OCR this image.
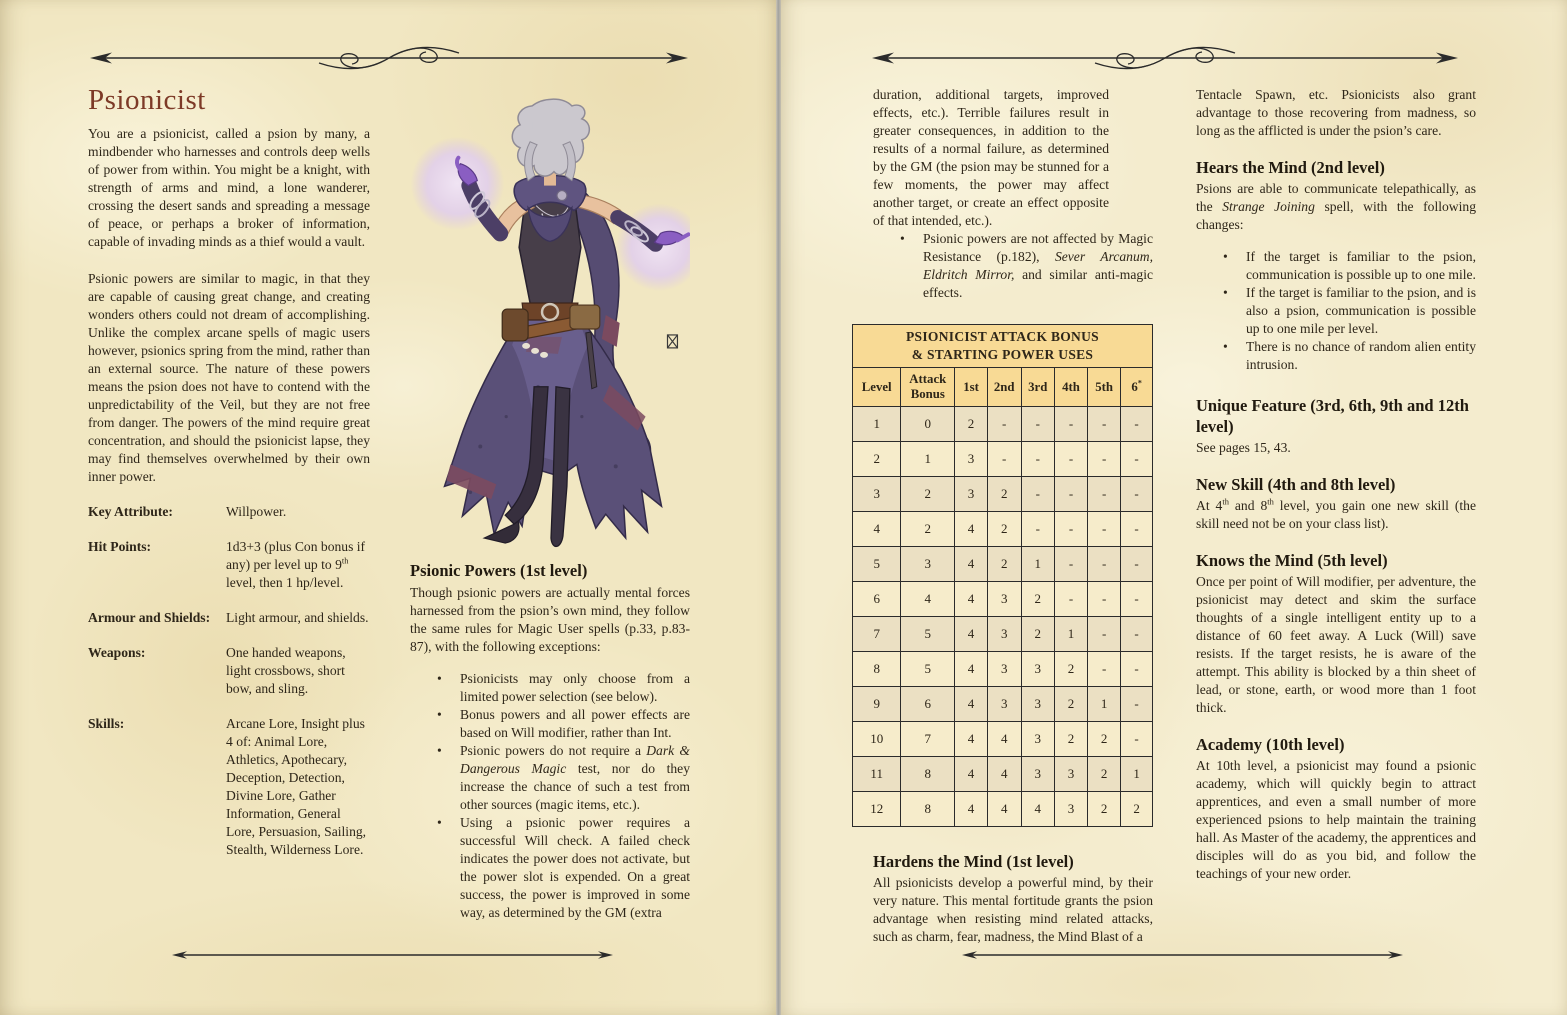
Psionicist

You are a psionicist, called a psion by many, a mindbender who harnesses and controls deep wells of power from within. You might be a knight, with strength of arms and mind, a lone wanderer, crossing the desert sands and spreading a message of peace, or perhaps a broker of information, capable of invading minds as a thief would a vault.

Psionic powers are similar to magic, in that they are capable of causing great change, and creating wonders others could not dream of accomplishing. Unlike the complex arcane spells of magic users however, psionics spring from the mind, rather than an external source. The nature of these powers means the psion does not have to contend with the unpredictability of the Veil, but they are not free from danger. The powers of the mind require great concentration, and should the psionicist lapse, they may find themselves overwhelmed by their own inner power.

Key Attribute:	Willpower.
Hit Points:	1d3+3 (plus Con bonus if any) per level up to 9th level, then 1 hp/level.
Armour and Shields:	Light armour, and shields.
Weapons:	One handed weapons, light crossbows, short bow, and sling.
Skills:	Arcane Lore, Insight plus 4 of: Animal Lore, Athletics, Apothecary, Deception, Detection, Divine Lore, Gather Information, General Lore, Persuasion, Sailing, Stealth, Wilderness Lore.
Psionic Powers (1st level)

Though psionic powers are actually mental forces harnessed from the psion’s own mind, they follow the same rules for Magic User spells (p.33, p.83-87), with the following exceptions:

• Psionicists may only choose from a limited power selection (see below).
• Bonus powers and all power effects are based on Will modifier, rather than Int.
• Psionic powers do not require a Dark & Dangerous Magic test, nor do they increase the chance of such a test from other sources (magic items, etc.).
• Using a psionic power requires a successful Will check. A failed check indicates the power does not activate, but the power slot is expended. On a great success, the power is improved in some way, as determined by the GM (extra

duration, additional targets, improved effects, etc.). Terrible failures result in greater consequences, in addition to the results of a normal failure, as determined by the GM (the psion may be stunned for a few moments, the power may affect another target, or create an effect opposite of that intended, etc.).

• Psionic powers are not affected by Magic Resistance (p.182), Sever Arcanum, Eldritch Mirror, and similar anti-magic effects.
PSIONICIST ATTACK BONUS
& STARTING POWER USES							

Level	Attack Bonus	1st	2nd	3rd	4th	5th	6*
1	0	2	-	-	-	-	-
2	1	3	-	-	-	-	-
3	2	3	2	-	-	-	-
4	2	4	2	-	-	-	-
5	3	4	2	1	-	-	-
6	4	4	3	2	-	-	-
7	5	4	3	2	1	-	-
8	5	4	3	3	2	-	-
9	6	4	3	3	2	1	-
10	7	4	4	3	2	2	-
11	8	4	4	3	3	2	1
12	8	4	4	4	3	2	2
Hardens the Mind (1st level)

All psionicists develop a powerful mind, by their very nature. This mental fortitude grants the psion advantage when resisting mind related attacks, such as charm, fear, madness, the Mind Blast of a

Tentacle Spawn, etc. Psionicists also grant advantage to those recovering from madness, so long as the afflicted is under the psion’s care.

Hears the Mind (2nd level)

Psions are able to communicate telepathically, as the Strange Joining spell, with the following changes:

• If the target is familiar to the psion, communication is possible up to one mile.
• If the target is familiar to the psion, and is also a psion, communication is possible up to one mile per level.
• There is no chance of random alien entity intrusion.
Unique Feature (3rd, 6th, 9th and 12th level)

See pages 15, 43.

New Skill (4th and 8th level)

At 4th and 8th level, you gain one new skill (the skill need not be on your class list).

Knows the Mind (5th level)

Once per point of Will modifier, per adventure, the psionicist may detect and skim the surface thoughts of a single intelligent entity up to a distance of 60 feet away. A Luck (Will) save resists. If the target resists, he is aware of the attempt. This ability is blocked by a thin sheet of lead, or stone, earth, or wood more than 1 foot thick.

Academy (10th level)

At 10th level, a psionicist may found a psionic academy, which will quickly begin to attract apprentices, and even a small number of more experienced psions to help maintain the training hall. As Master of the academy, the apprentices and disciples will do as you bid, and follow the teachings of your new order.
